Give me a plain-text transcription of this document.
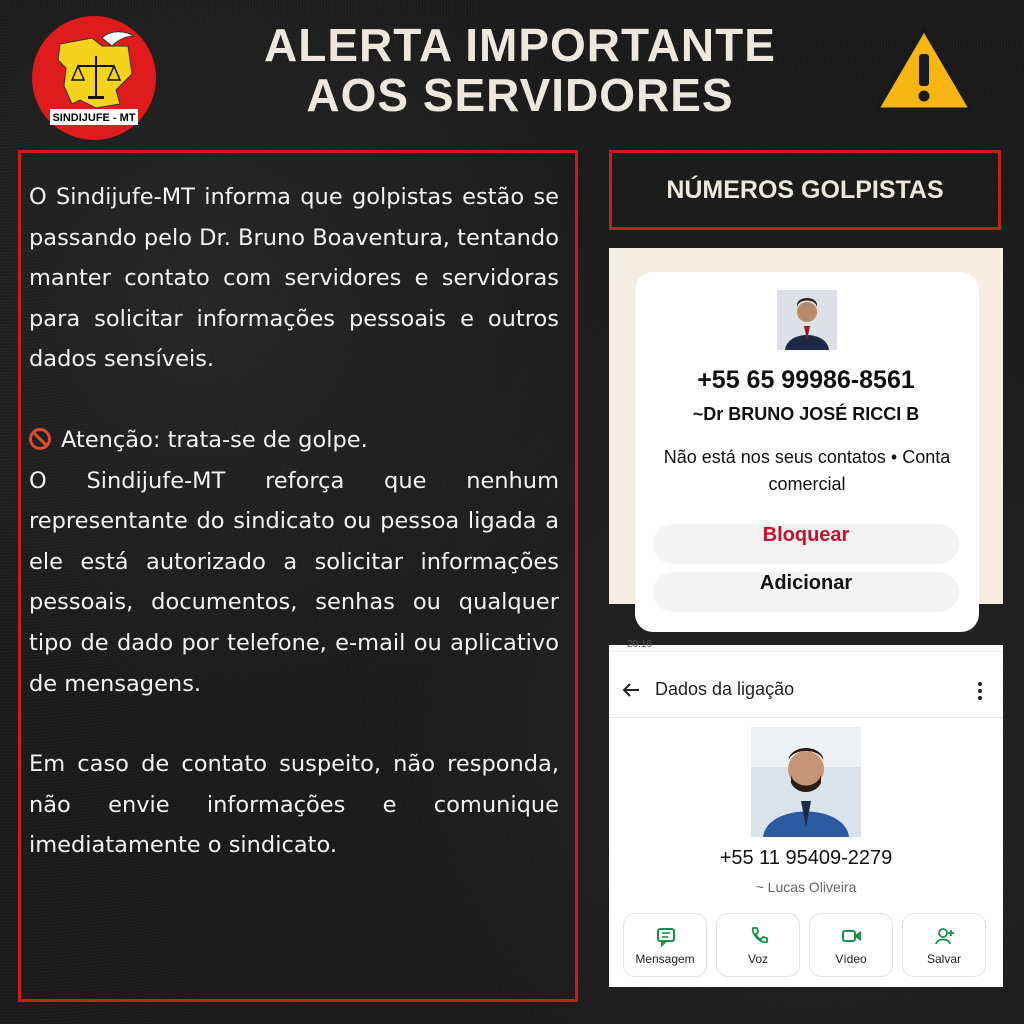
SINDIJUFE - MT
ALERTA IMPORTANTE
AOS SERVIDORES

O Sindijufe-MT informa que golpistas estão se passando pelo Dr. Bruno Boaventura, tentando manter contato com servidores e servidoras para solicitar informações pessoais e outros dados sensíveis.

Atenção: trata-se de golpe.

O Sindijufe-MT reforça que nenhum representante do sindicato ou pessoa ligada a ele está autorizado a solicitar informações pessoais, documentos, senhas ou qualquer tipo de dado por telefone, e-mail ou aplicativo de mensagens.

Em caso de contato suspeito, não responda, não envie informações e comunique imediatamente o sindicato.

NÚMEROS GOLPISTAS
+55 65 99986-8561
~Dr BRUNO JOSÉ RICCI B
Não está nos seus contatos • Conta comercial
Bloquear
Adicionar
20:16
Dados da ligação
+55 11 95409-2279
~ Lucas Oliveira
Mensagem	Voz	Vídeo	Salvar
